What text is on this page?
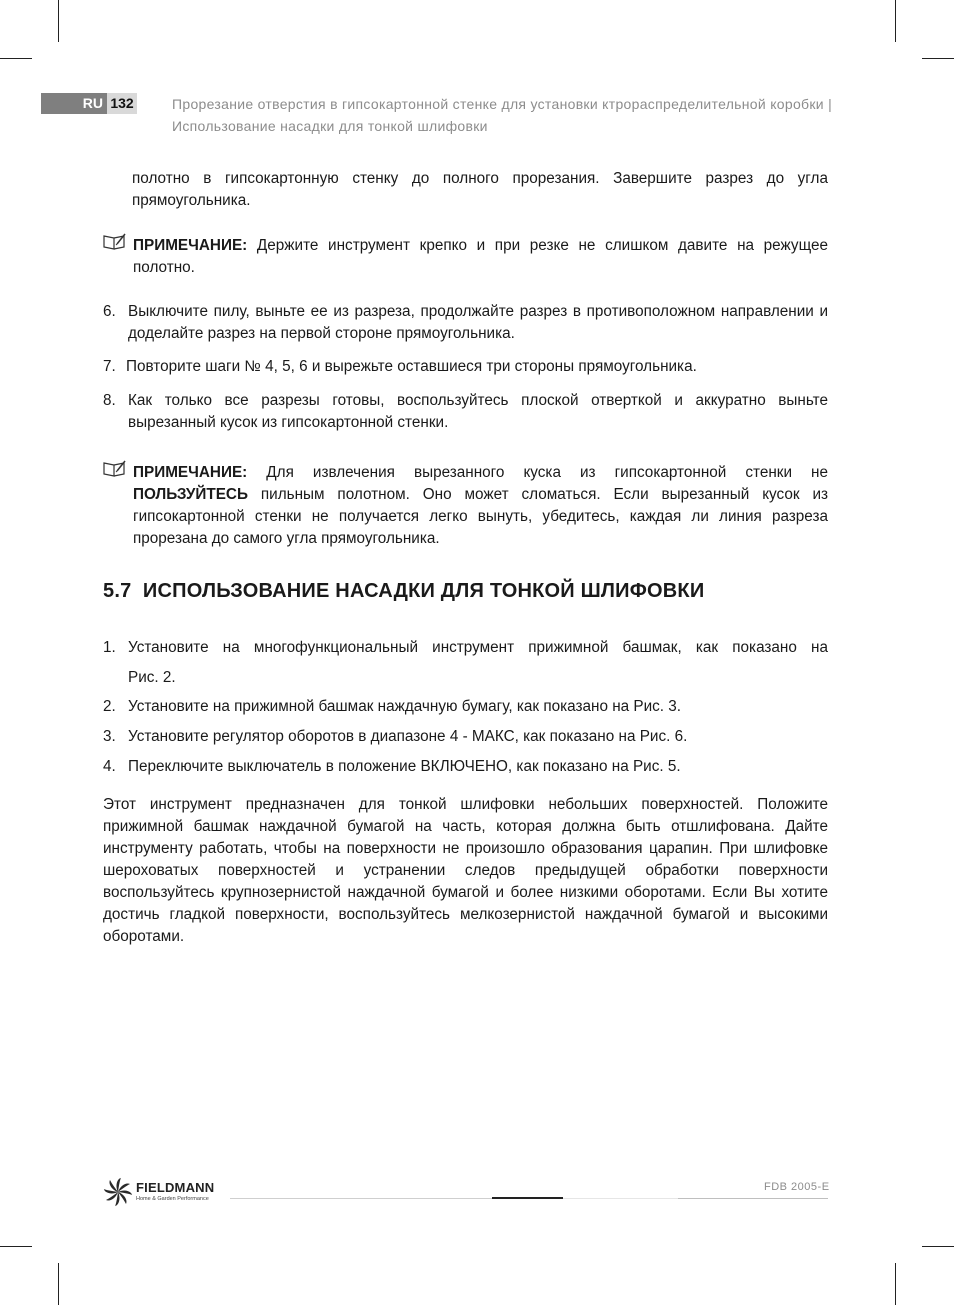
RU 132	Прорезание отверстия в гипсокартонной стенке для установки ктрораспределительной коробки | Использование насадки для тонкой шлифовки
полотно в гипсокартонную стенку до полного прорезания. Завершите разрез до угла прямоугольника.
ПРИМЕЧАНИЕ: Держите инструмент крепко и при резке не слишком давите на режущее полотно.
6. Выключите пилу, выньте ее из разреза, продолжайте разрез в противоположном направлении и доделайте разрез на первой стороне прямоугольника.
7. Повторите шаги № 4, 5, 6 и вырежьте оставшиеся три стороны прямоугольника.
8. Как только все разрезы готовы, воспользуйтесь плоской отверткой и аккуратно выньте вырезанный кусок из гипсокартонной стенки.
ПРИМЕЧАНИЕ: Для извлечения вырезанного куска из гипсокартонной стенки не ПОЛЬЗУЙТЕСЬ пильным полотном. Оно может сломаться. Если вырезанный кусок из гипсокартонной стенки не получается легко вынуть, убедитесь, каждая ли линия разреза прорезана до самого угла прямоугольника.
5.7  ИСПОЛЬЗОВАНИЕ НАСАДКИ ДЛЯ ТОНКОЙ ШЛИФОВКИ
1. Установите на многофункциональный инструмент прижимной башмак, как показано на
Рис. 2.
2. Установите на прижимной башмак наждачную бумагу, как показано на Рис. 3.
3. Установите регулятор оборотов в диапазоне 4 - МАКС, как показано на Рис. 6.
4. Переключите выключатель в положение ВКЛЮЧЕНО, как показано на Рис. 5.
Этот инструмент предназначен для тонкой шлифовки небольших поверхностей. Положите прижимной башмак наждачной бумагой на часть, которая должна быть отшлифована. Дайте инструменту работать, чтобы на поверхности не произошло образования царапин. При шлифовке шероховатых поверхностей и устранении следов предыдущей обработки поверхности воспользуйтесь крупнозернистой наждачной бумагой и более низкими оборотами. Если Вы хотите достичь гладкой поверхности, воспользуйтесь мелкозернистой наждачной бумагой и высокими оборотами.
FIELDMANN
Home & Garden Performance
FDB 2005-E
